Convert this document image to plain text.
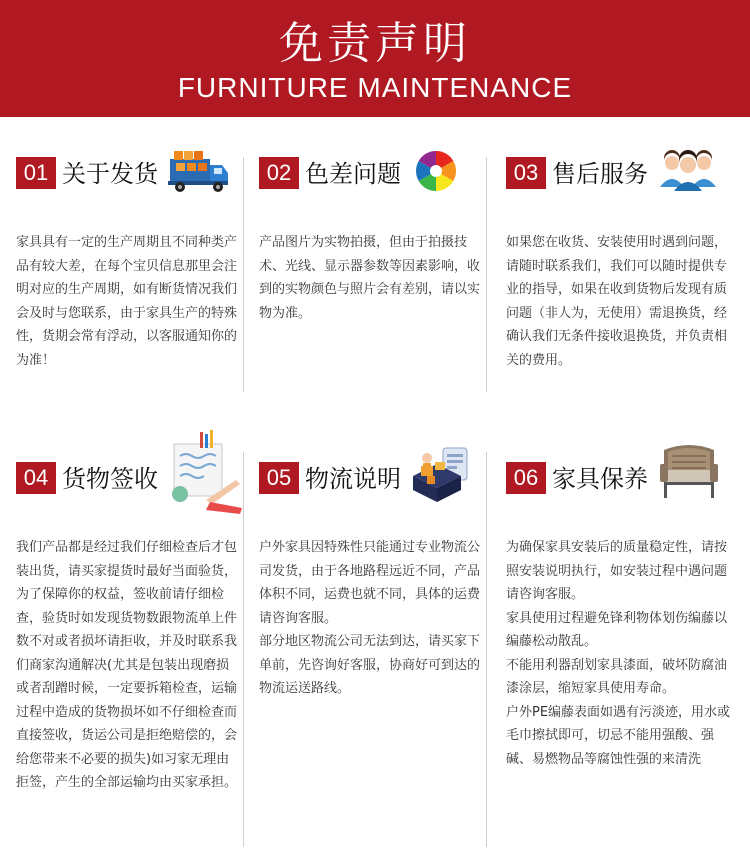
免责声明
FURNITURE MAINTENANCE
01 关于发货

家具具有一定的生产周期且不同种类产品有较大差，在每个宝贝信息那里会注明对应的生产周期，如有断货情况我们会及时与您联系，由于家具生产的特殊性，货期会常有浮动，以客服通知你的为准！

02 色差问题

产品图片为实物拍摄，但由于拍摄技术、光线、显示器参数等因素影响，收到的实物颜色与照片会有差别，请以实物为准。

03 售后服务

如果您在收货、安装使用时遇到问题，请随时联系我们，我们可以随时提供专业的指导，如果在收到货物后发现有质问题（非人为，无使用）需退换货，经确认我们无条件接收退换货，并负责相关的费用。

04 货物签收

我们产品都是经过我们仔细检查后才包装出货，请买家提货时最好当面验货，为了保障你的权益，签收前请仔细检查，验货时如发现货物数跟物流单上件数不对或者损坏请拒收，并及时联系我们商家沟通解决(尤其是包装出现磨损或者刮蹭时候，一定要拆箱检查，运输过程中造成的货物损坏如不仔细检查而直接签收，货运公司是拒绝赔偿的，会给您带来不必要的损失)如习家无理由拒签，产生的全部运输均由买家承担。

05 物流说明

户外家具因特殊性只能通过专业物流公司发货，由于各地路程远近不同，产品体积不同，运费也就不同，具体的运费请咨询客服。

部分地区物流公司无法到达，请买家下单前，先咨询好客服，协商好可到达的物流运送路线。

06 家具保养

为确保家具安装后的质量稳定性，请按照安装说明执行，如安装过程中遇问题请咨询客服。

家具使用过程避免锋利物体划伤编藤以编藤松动散乱。

不能用利器刮划家具漆面，破坏防腐油漆涂层，缩短家具使用寿命。

户外PE编藤表面如遇有污淡迹，用水或毛巾擦拭即可，切忌不能用强酸、强碱、易燃物品等腐蚀性强的来清洗
